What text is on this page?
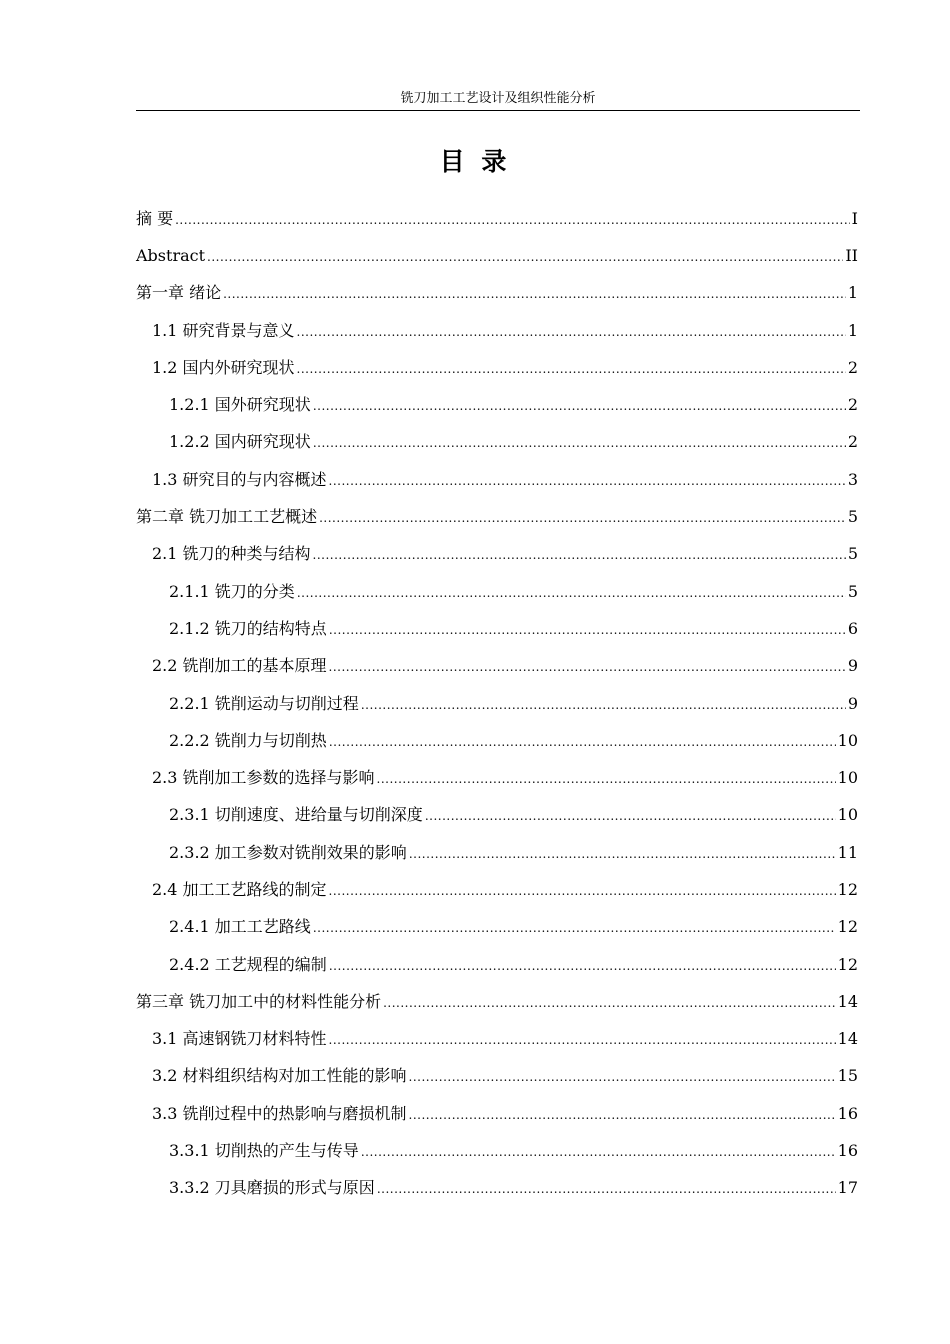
铣刀加工工艺设计及组织性能分析
目 录
摘 要 .....	I
Abstract .....	II
第一章 绪论 .....	1
1.1 研究背景与意义 .....	1
1.2 国内外研究现状 .....	2
1.2.1 国外研究现状 .....	2
1.2.2 国内研究现状 .....	2
1.3 研究目的与内容概述 .....	3
第二章 铣刀加工工艺概述 .....	5
2.1 铣刀的种类与结构 .....	5
2.1.1 铣刀的分类 .....	5
2.1.2 铣刀的结构特点 .....	6
2.2 铣削加工的基本原理 .....	9
2.2.1 铣削运动与切削过程 .....	9
2.2.2 铣削力与切削热 .....	10
2.3 铣削加工参数的选择与影响 .....	10
2.3.1 切削速度、进给量与切削深度 .....	10
2.3.2 加工参数对铣削效果的影响 .....	11
2.4 加工工艺路线的制定 .....	12
2.4.1 加工工艺路线 .....	12
2.4.2 工艺规程的编制 .....	12
第三章 铣刀加工中的材料性能分析 .....	14
3.1 高速钢铣刀材料特性 .....	14
3.2 材料组织结构对加工性能的影响 .....	15
3.3 铣削过程中的热影响与磨损机制 .....	16
3.3.1 切削热的产生与传导 .....	16
3.3.2 刀具磨损的形式与原因 .....	17
